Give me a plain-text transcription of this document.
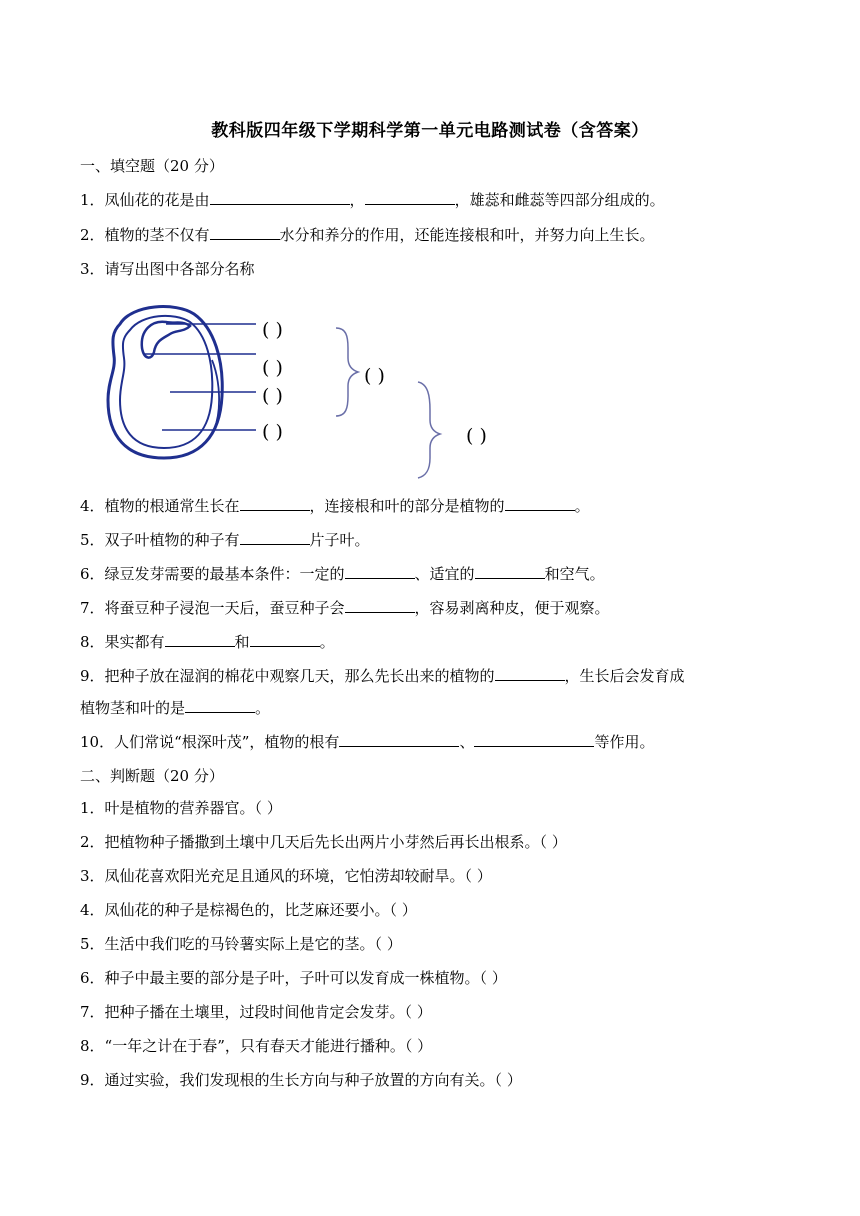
教科版四年级下学期科学第一单元电路测试卷（含答案）
一、填空题（20 分）
1．凤仙花的花是由	，	，雄蕊和雌蕊等四部分组成的。
2．植物的茎不仅有	水分和养分的作用，还能连接根和叶，并努力向上生长。
3．请写出图中各部分名称
( )
( )
( )
( )
( )
( )
4．植物的根通常生长在	，连接根和叶的部分是植物的	。
5．双子叶植物的种子有	片子叶。
6．绿豆发芽需要的最基本条件：一定的	、适宜的	和空气。
7．将蚕豆种子浸泡一天后，蚕豆种子会	，容易剥离种皮，便于观察。
8．果实都有	和	。
9．把种子放在湿润的棉花中观察几天，那么先长出来的植物的	，生长后会发育成
植物茎和叶的是	。
10．人们常说“根深叶茂”，植物的根有	、	等作用。
二、判断题（20 分）
1．叶是植物的营养器官。（ ）
2．把植物种子播撒到土壤中几天后先长出两片小芽然后再长出根系。（ ）
3．凤仙花喜欢阳光充足且通风的环境，它怕涝却较耐旱。（ ）
4．凤仙花的种子是棕褐色的，比芝麻还要小。（ ）
5．生活中我们吃的马铃薯实际上是它的茎。（ ）
6．种子中最主要的部分是子叶，子叶可以发育成一株植物。（ ）
7．把种子播在土壤里，过段时间他肯定会发芽。（ ）
8．“一年之计在于春”，只有春天才能进行播种。（ ）
9．通过实验，我们发现根的生长方向与种子放置的方向有关。（ ）
